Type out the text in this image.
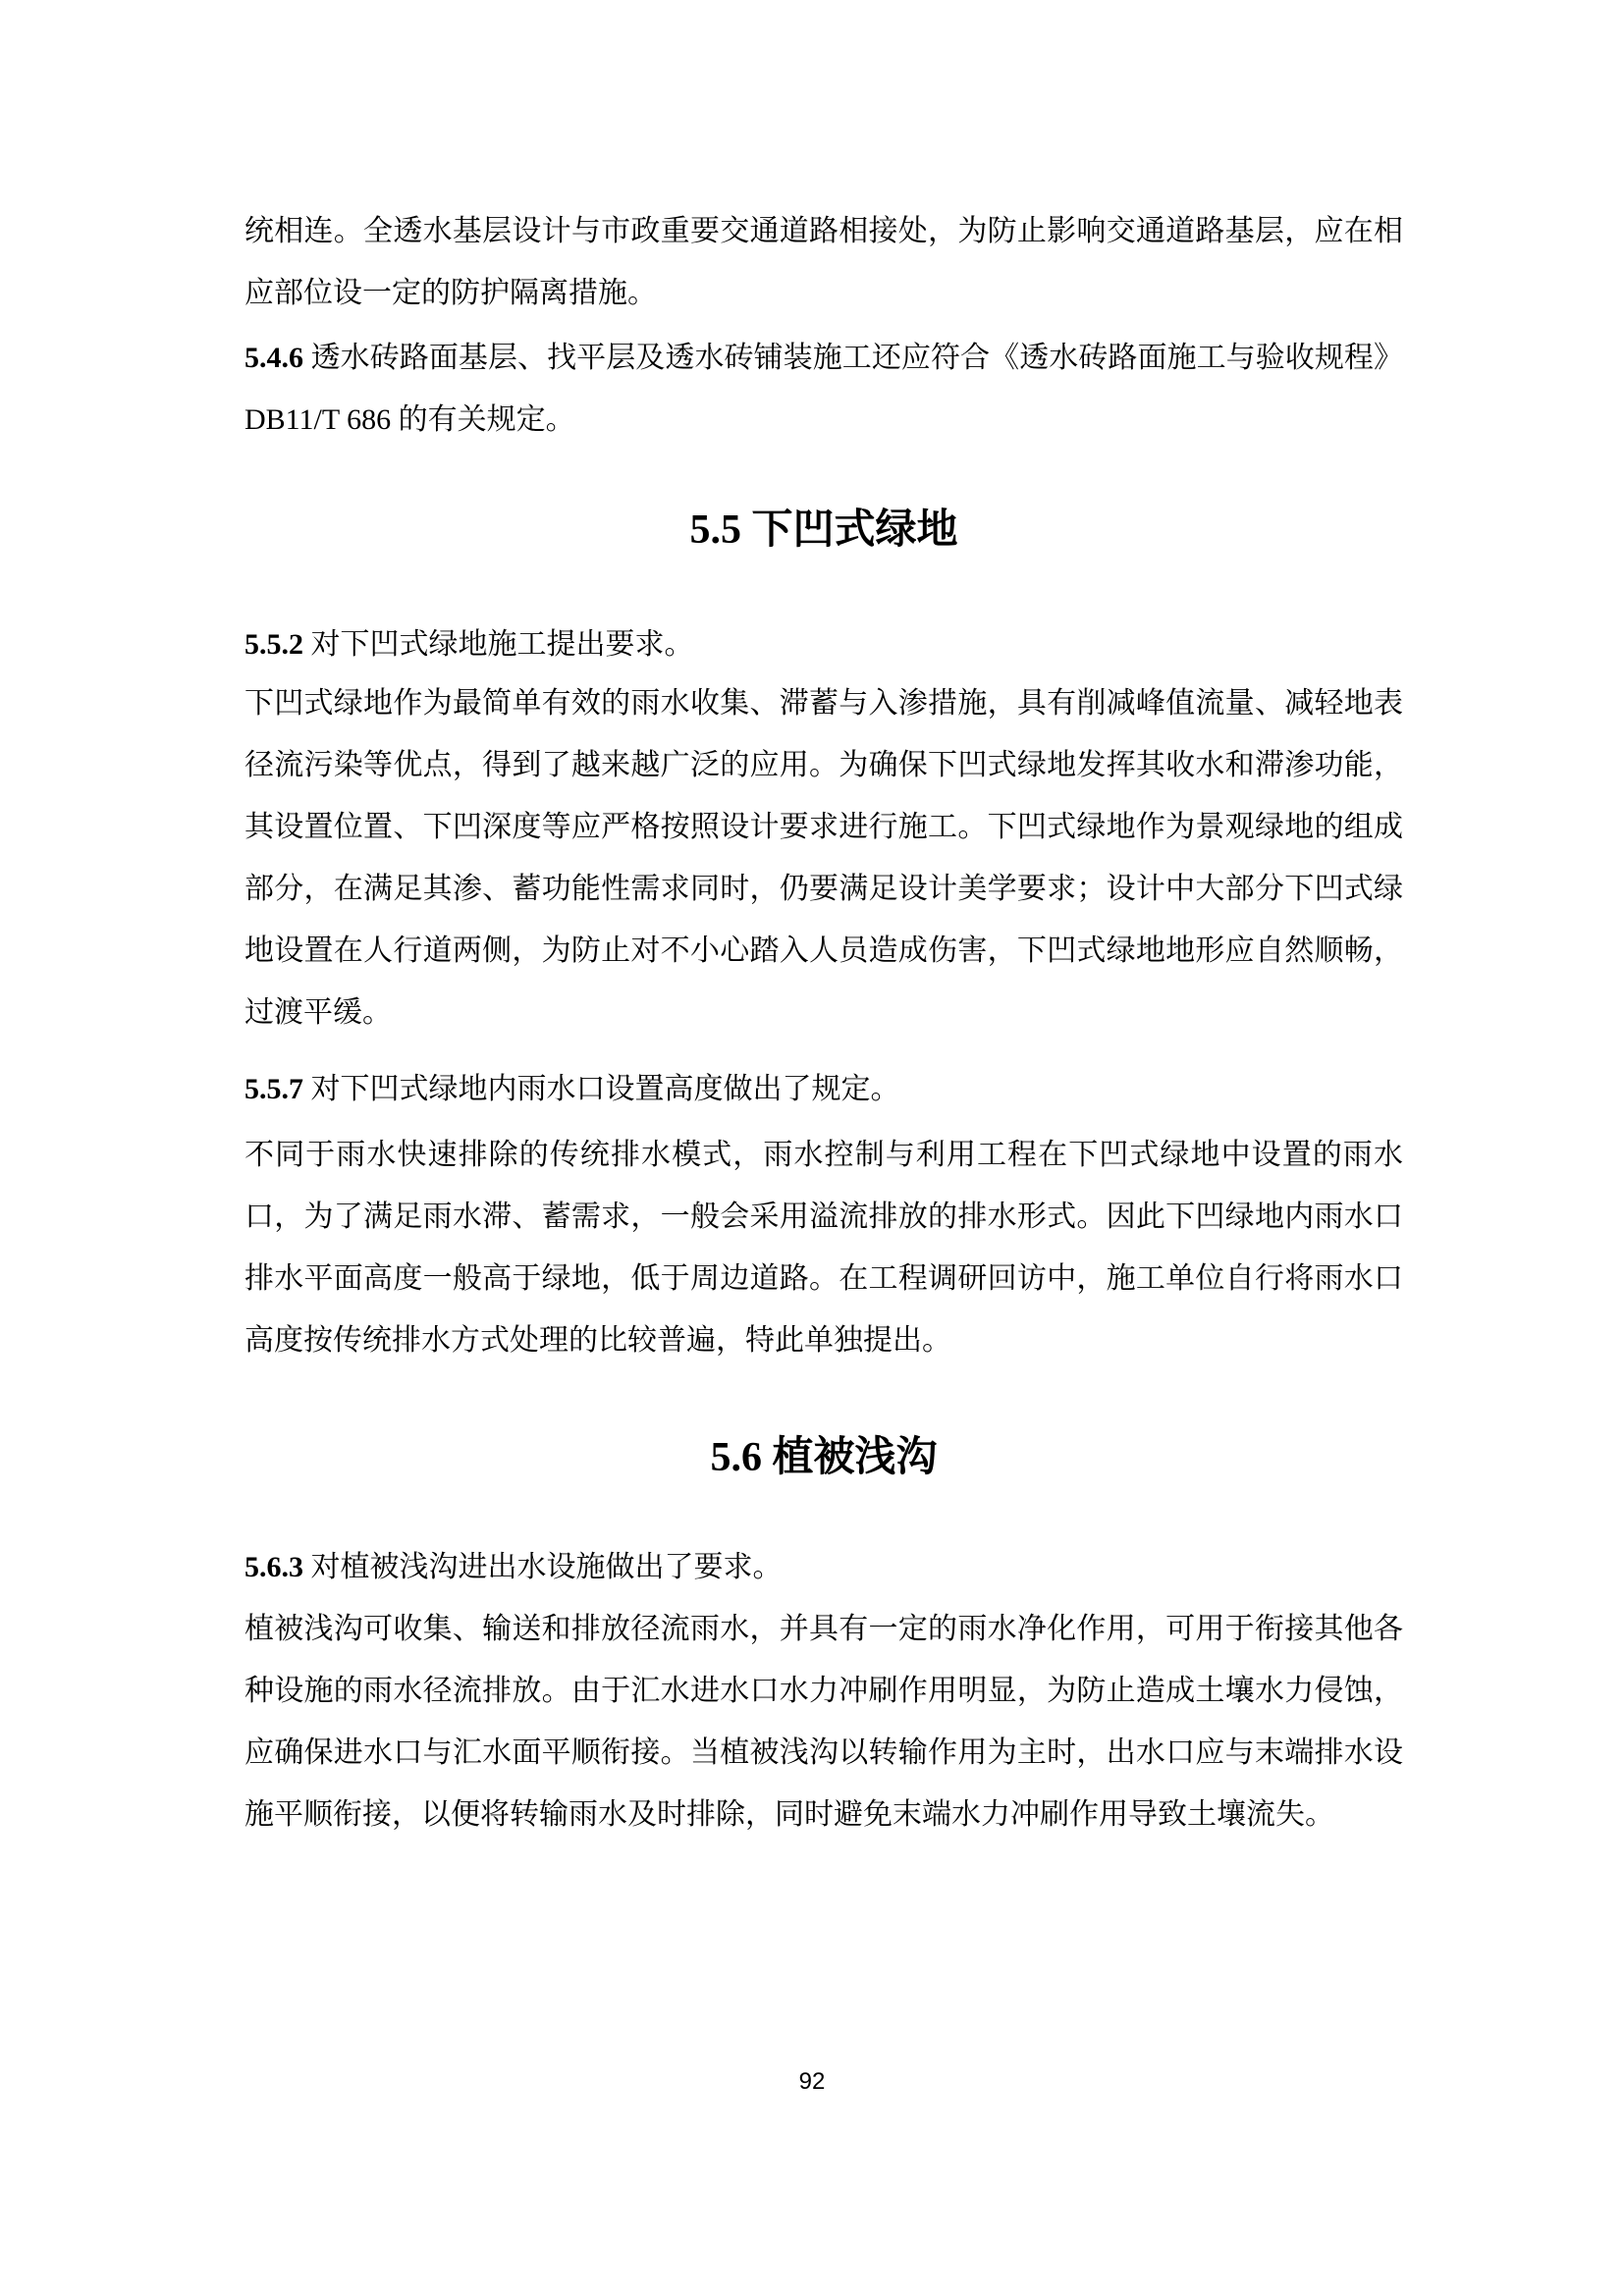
统相连。全透水基层设计与市政重要交通道路相接处，为防止影响交通道路基层，应在相应部位设一定的防护隔离措施。

5.4.6 透水砖路面基层、找平层及透水砖铺装施工还应符合《透水砖路面施工与验收规程》DB11/T 686 的有关规定。

5.5 下凹式绿地

5.5.2 对下凹式绿地施工提出要求。

下凹式绿地作为最简单有效的雨水收集、滞蓄与入渗措施，具有削减峰值流量、减轻地表径流污染等优点，得到了越来越广泛的应用。为确保下凹式绿地发挥其收水和滞渗功能，其设置位置、下凹深度等应严格按照设计要求进行施工。下凹式绿地作为景观绿地的组成部分，在满足其渗、蓄功能性需求同时，仍要满足设计美学要求；设计中大部分下凹式绿地设置在人行道两侧，为防止对不小心踏入人员造成伤害，下凹式绿地地形应自然顺畅，过渡平缓。

5.5.7 对下凹式绿地内雨水口设置高度做出了规定。

不同于雨水快速排除的传统排水模式，雨水控制与利用工程在下凹式绿地中设置的雨水口，为了满足雨水滞、蓄需求，一般会采用溢流排放的排水形式。因此下凹绿地内雨水口排水平面高度一般高于绿地，低于周边道路。在工程调研回访中，施工单位自行将雨水口高度按传统排水方式处理的比较普遍，特此单独提出。

5.6 植被浅沟

5.6.3 对植被浅沟进出水设施做出了要求。

植被浅沟可收集、输送和排放径流雨水，并具有一定的雨水净化作用，可用于衔接其他各种设施的雨水径流排放。由于汇水进水口水力冲刷作用明显，为防止造成土壤水力侵蚀，应确保进水口与汇水面平顺衔接。当植被浅沟以转输作用为主时，出水口应与末端排水设施平顺衔接，以便将转输雨水及时排除，同时避免末端水力冲刷作用导致土壤流失。

92
